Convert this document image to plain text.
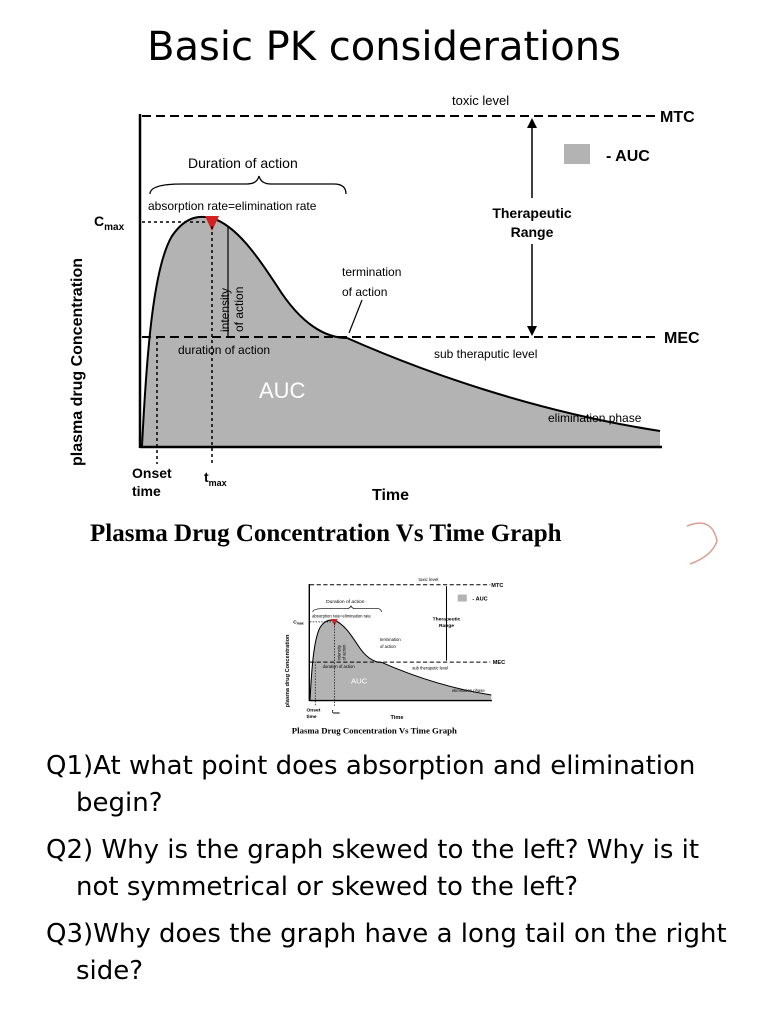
Basic PK considerations
MTC
toxic level
MEC
$C_{max}$
Duration of action
absorption rate=elimination rate
intensityof action
termination of action
Therapeutic Range
- AUC
duration of action	sub theraputic level
AUC
elimination phase
plasma drug Concentration
Onset time
$t_{max}$
Time
Plasma Drug Concentration Vs Time Graph
toxic level
MTC
- AUC
Duration of action
absorption rate=elimination rate
$C_{max}$
Therapeutic Range
intensityof action
termination of action
MEC
duration of action	sub theraputic level
AUC
elimination phase
plasma drug Concentration
Onset time
$t_{max}$
Time
Plasma Drug Concentration Vs Time Graph

Q1)At what point does absorption and elimination begin?

Q2) Why is the graph skewed to the left? Why is it not symmetrical or skewed to the left?

Q3)Why does the graph have a long tail on the right side?
